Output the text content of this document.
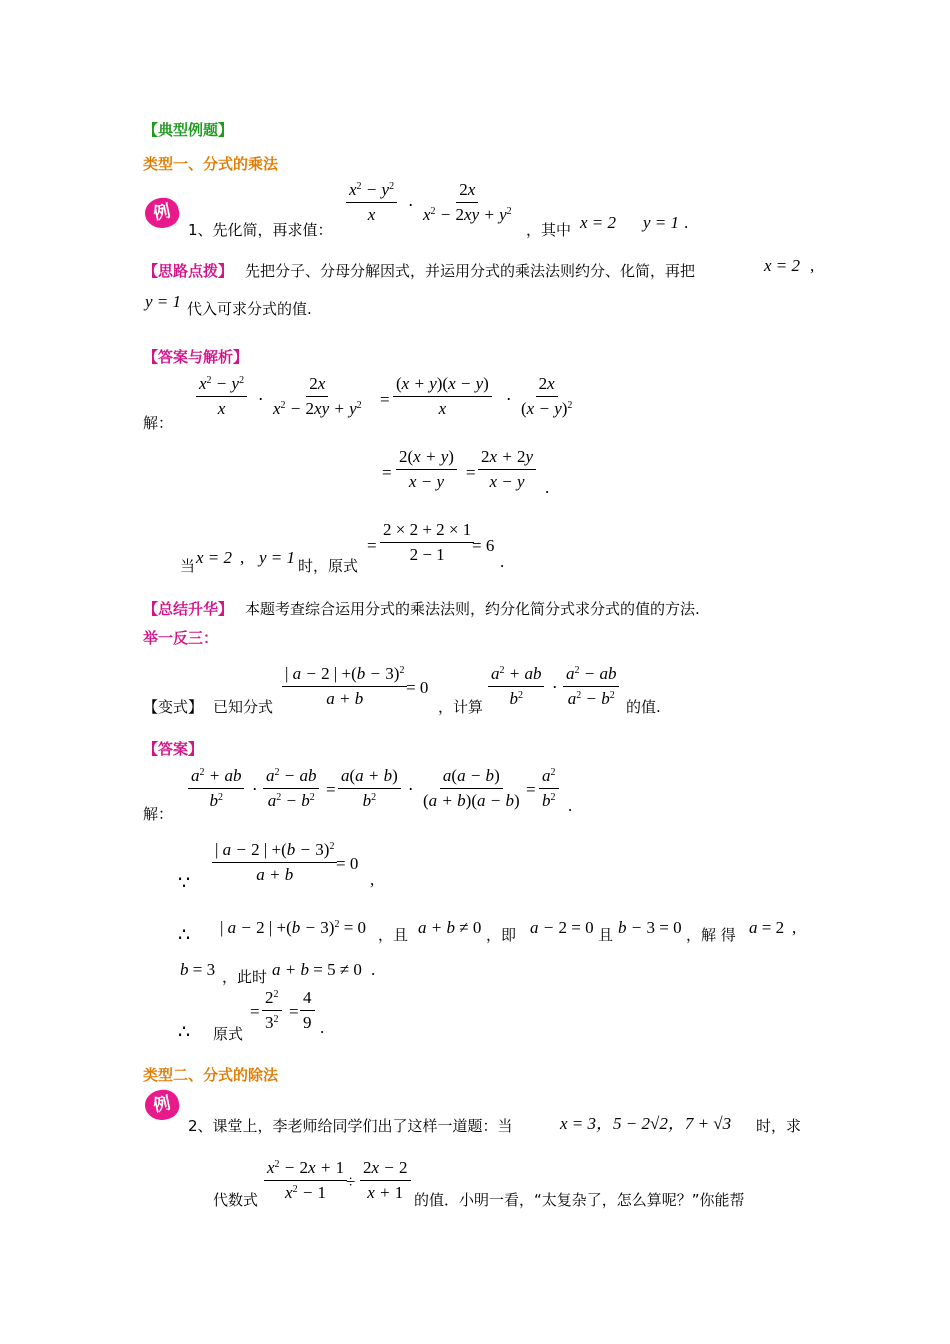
【典型例题】
类型一、分式的乘法
例
1、先化简，再求值：
$\frac{x^2 - y^2}{x} \cdot \frac{2x}{x^2 - 2xy + y^2}$
，其中 x = 2 y = 1 .
【思路点拨】 先把分子、分母分解因式，并运用分式的乘法法则约分、化简，再把	x = 2 ,
y = 1 代入可求分式的值.
【答案与解析】
解：
$\frac{x^2 - y^2}{x} \cdot \frac{2x}{x^2 - 2xy + y^2} = \frac{(x + y)(x - y)}{x} \cdot \frac{2x}{(x - y)^2}$
= $\frac{2(x + y)}{x - y} = \frac{2x + 2y}{x - y}$ .
当 x = 2 , y = 1 时，原式
= $\frac{2 \times 2 + 2 \times 1}{2 - 1}$
= 6
.
【总结升华】 本题考查综合运用分式的乘法法则，约分化简分式求分式的值的方法.
举一反三：
【变式】 已知分式 $\frac{| a - 2 | +(b - 3)^2}{a + b}$
= 0
，计算 $\frac{a^2 + ab}{b^2} \cdot \frac{a^2 - ab}{a^2 - b^2}$ 的值.
【答案】
解：
$\frac{a^2 + ab}{b^2} \cdot \frac{a^2 - ab}{a^2 - b^2} = \frac{a(a + b)}{b^2} \cdot \frac{a(a - b)}{(a + b)(a - b)} = \frac{a^2}{b^2}$ .
∵ $\frac{| a - 2 | +(b - 3)^2}{a + b}$
= 0
,
∴ | a − 2 | $+(b - 3)^2 = 0$ ，且 a + b ≠ 0 ，即 a − 2 = 0 且 b − 3 = 0 ，解 得 a = 2 ,
b = 3 ，此时 a + b = 5 ≠ 0 .
∴ 原式
= $\frac{2^2}{3^2} = \frac{4}{9}$ .
类型二、分式的除法
例
2、课堂上，李老师给同学们出了这样一道题：当	x = 3，5 − 2√2，7 + √3 时，求
代数式 $\frac{x^2 - 2x + 1}{x^2 - 1}$
÷ $\frac{2x - 2}{x + 1}$ 的值．小明一看，“太复杂了，怎么算呢？”你能帮
